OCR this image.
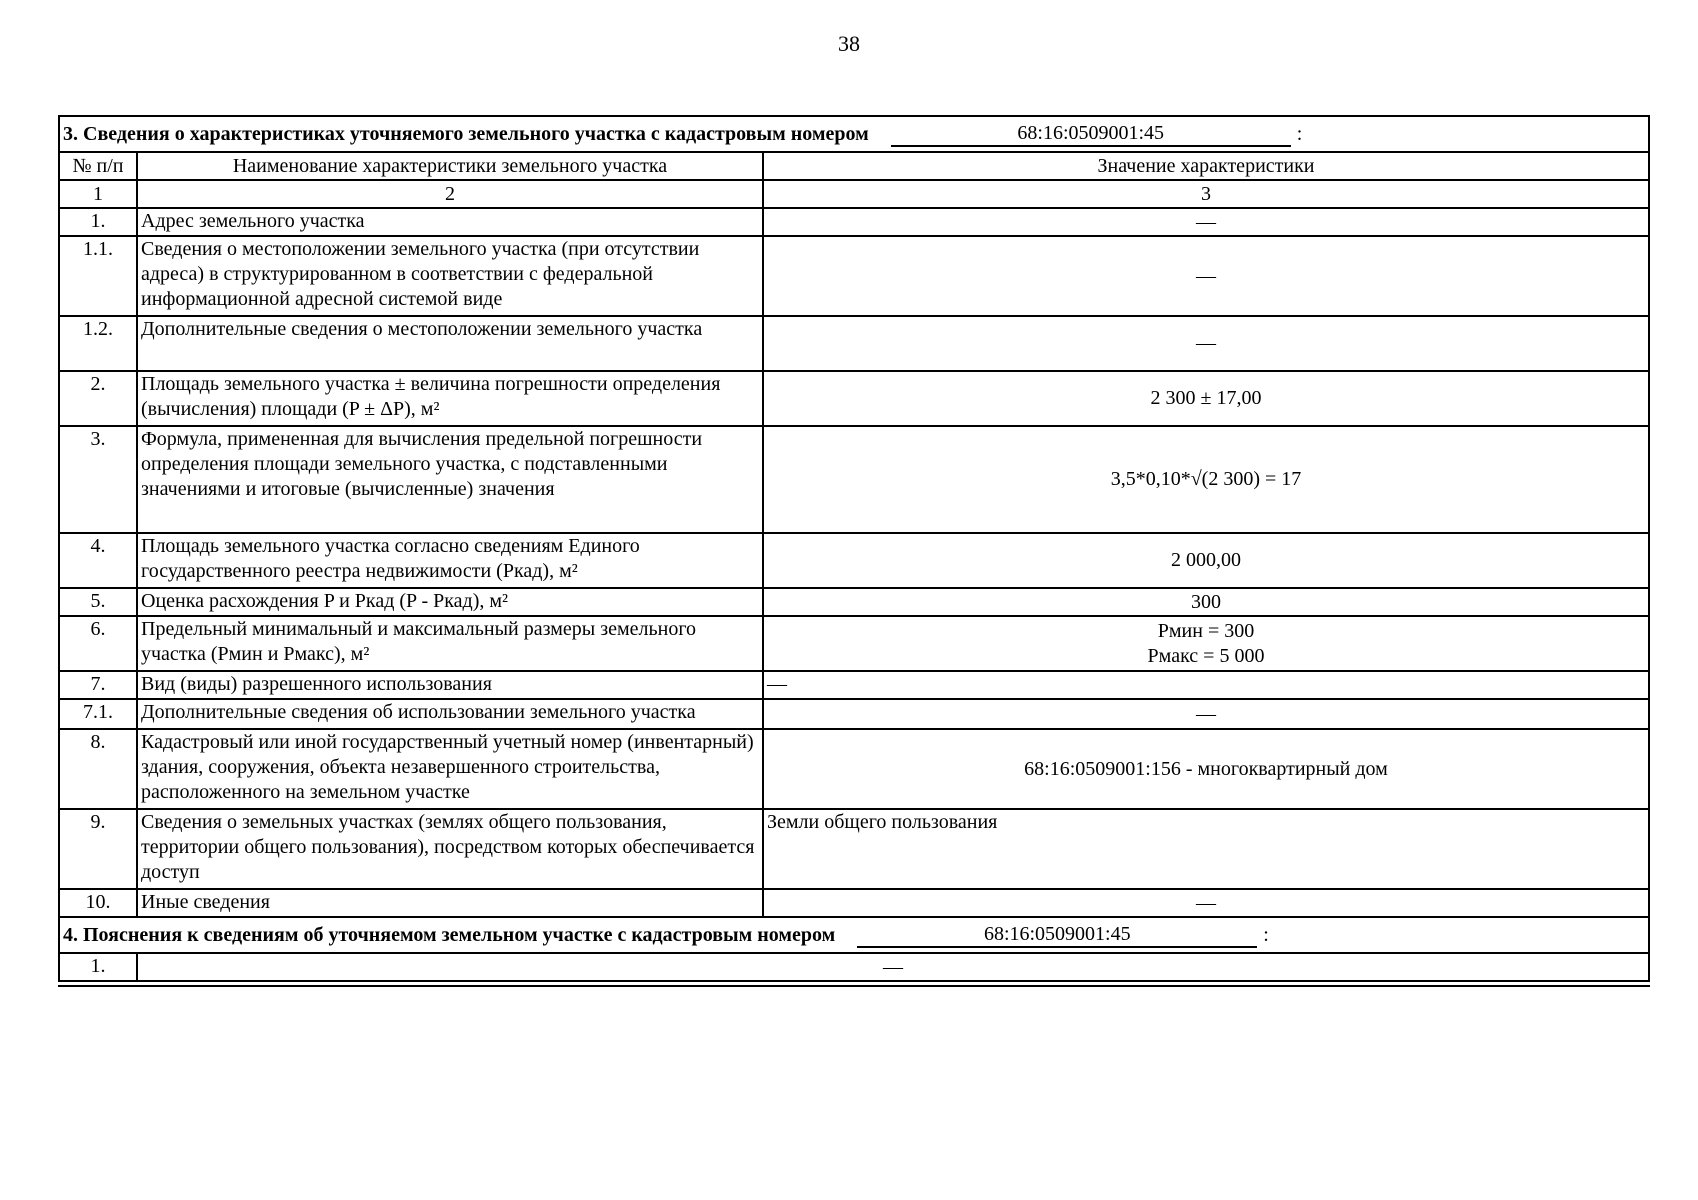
38
3. Сведения о характеристиках уточняемого земельного участка с кадастровым номером 68:16:0509001:45 :		

№ п/п	Наименование характеристики земельного участка	Значение характеристики
1	2	3
1.	Адрес земельного участка	—
1.1.	Сведения о местоположении земельного участка (при отсутствии адреса) в структурированном в соответствии с федеральной информационной адресной системой виде	—
1.2.	Дополнительные сведения о местоположении земельного участка	—
2.	Площадь земельного участка ± величина погрешности определения (вычисления) площади (P ± ΔP), м²	2 300 ± 17,00
3.	Формула, примененная для вычисления предельной погрешности определения площади земельного участка, с подставленными значениями и итоговые (вычисленные) значения	3,5*0,10*√(2 300) = 17
4.	Площадь земельного участка согласно сведениям Единого государственного реестра недвижимости (Ркад), м²	2 000,00
5.	Оценка расхождения P и Ркад (P - Ркад), м²	300
6.	Предельный минимальный и максимальный размеры земельного участка (Рмин и Рмакс), м²	Рмин = 300
Рмакс = 5 000

7.	Вид (виды) разрешенного использования	—
7.1.	Дополнительные сведения об использовании земельного участка	—
8.	Кадастровый или иной государственный учетный номер (инвентарный) здания, сооружения, объекта незавершенного строительства, расположенного на земельном участке	68:16:0509001:156 - многоквартирный дом
9.	Сведения о земельных участках (землях общего пользования, территории общего пользования), посредством которых обеспечивается доступ	Земли общего пользования
10.	Иные сведения	—

4. Пояснения к сведениям об уточняемом земельном участке с кадастровым номером 68:16:0509001:45 :		

1.	—	
